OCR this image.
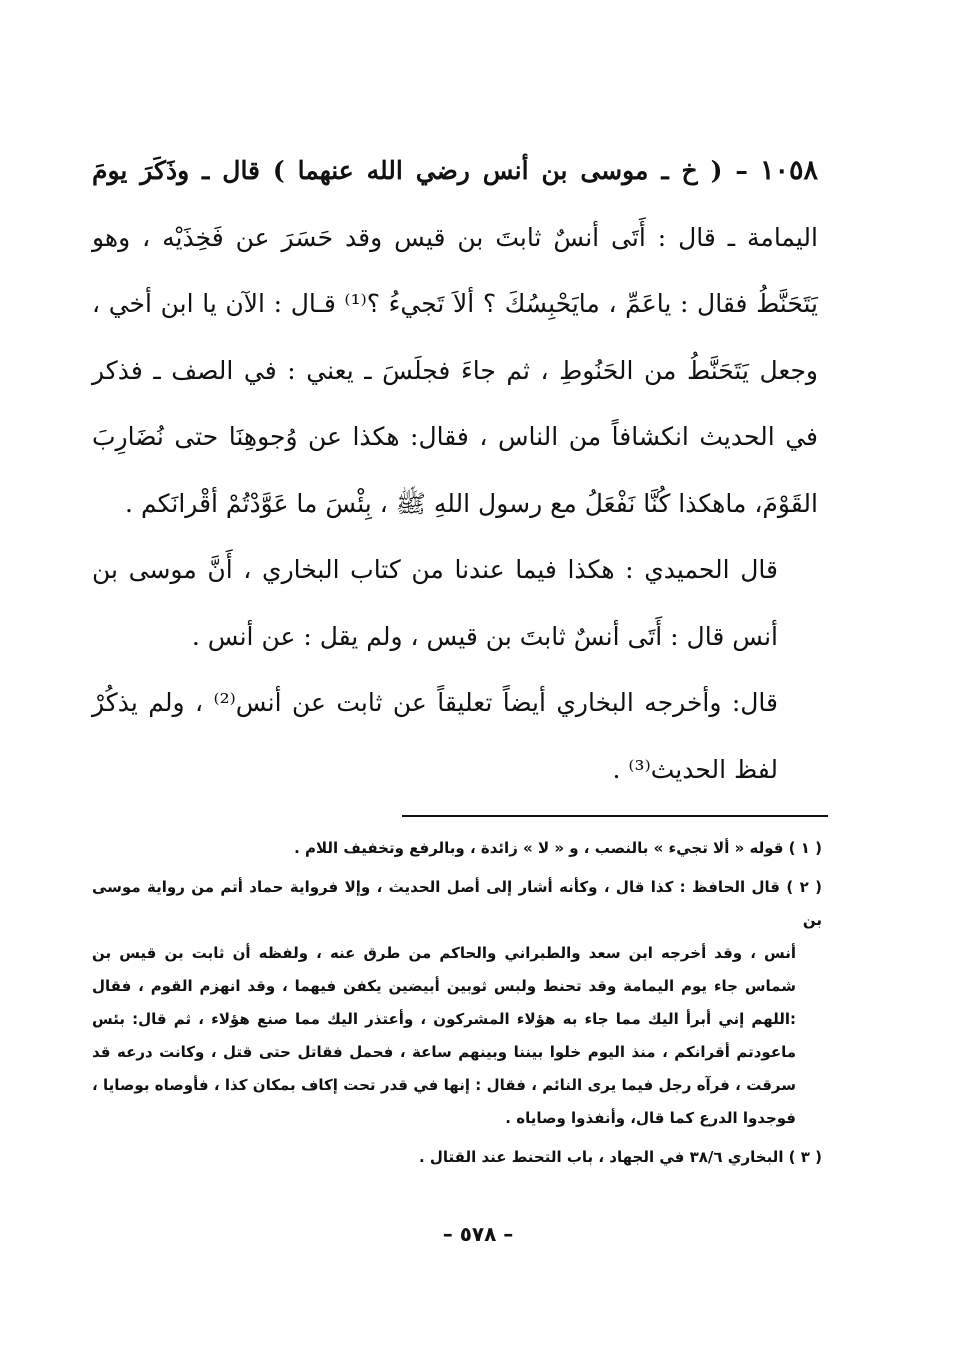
١٠٥٨ – ( خ ـ موسى بن أنس رضي الله عنهما ) قال ـ وذَكَرَ يومَ اليمامة ـ قال : أَتَى أنسٌ ثابتَ بن قيس وقد حَسَرَ عن فَخِذَيْه ، وهو يَتَحَنَّطُ فقال : ياعَمِّ ، مايَحْبِسُكَ ؟ ألاَ تَجيءُ ؟⁽¹⁾ قـال : الآن يا ابن أخي ، وجعل يَتَحَنَّطُ من الحَنُوطِ ، ثم جاءَ فجلَسَ ـ يعني : في الصف ـ فذكر في الحديث انكشافاً من الناس ، فقال: هكذا عن وُجوهِنَا حتى نُضَارِبَ القَوْمَ، ماهكذا كُنَّا نَفْعَلُ مع رسول اللهِ ﷺ ، بِئْسَ ما عَوَّدْتُمْ أقْرانَكم .

قال الحميدي : هكذا فيما عندنا من كتاب البخاري ، أَنَّ موسى بن أنس قال : أَتَى أنسٌ ثابتَ بن قيس ، ولم يقل : عن أنس .

قال: وأخرجه البخاري أيضاً تعليقاً عن ثابت عن أنس⁽²⁾ ، ولم يذكُرْ لفظ الحديث⁽³⁾ .

( ١ ) قوله « ألا تجيء » بالنصب ، و « لا » زائدة ، وبالرفع وتخفيف اللام .

( ٢ ) قال الحافظ : كذا قال ، وكأنه أشار إلى أصل الحديث ، وإلا فرواية حماد أتم من رواية موسى بن
أنس ، وقد أخرجه ابن سعد والطبراني والحاكم من طرق عنه ، ولفظه أن ثابت بن قيس بن شماس جاء يوم اليمامة وقد تحنط ولبس ثوبين أبيضين يكفن فيهما ، وقد انهزم القوم ، فقال :اللهم إني أبرأ اليك مما جاء به هؤلاء المشركون ، وأعتذر اليك مما صنع هؤلاء ، ثم قال: بئس ماعودتم أقرانكم ، منذ اليوم خلوا بيننا وبينهم ساعة ، فحمل فقاتل حتى قتل ، وكانت درعه قد سرقت ، فرآه رجل فيما يرى النائم ، فقال : إنها في قدر تحت إكاف بمكان كذا ، فأوصاه بوصايا ، فوجدوا الدرع كما قال، وأنفذوا وصاياه .

( ٣ ) البخاري ٣٨/٦ في الجهاد ، باب التحنط عند القتال .

– ٥٧٨ –
